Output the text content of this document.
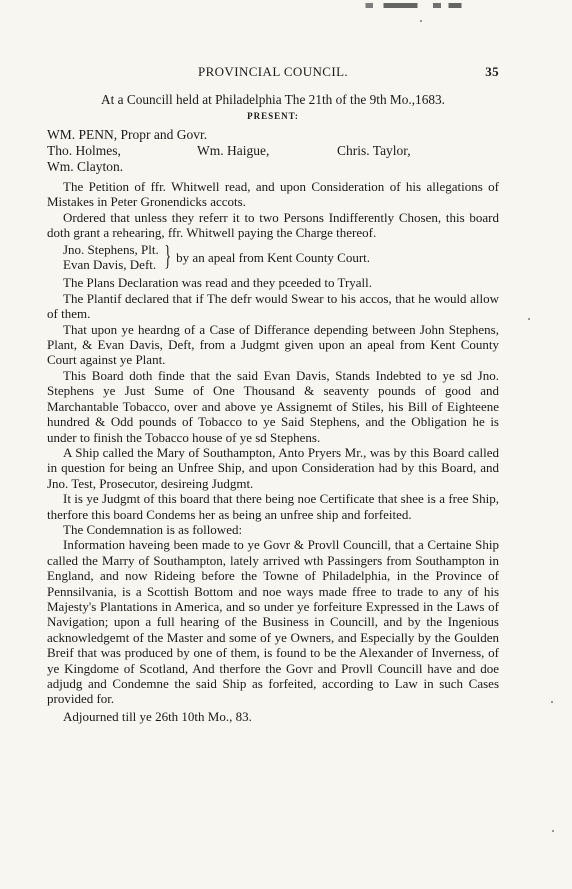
PROVINCIAL COUNCIL.	35

At a Councill held at Philadelphia The 21th of the 9th Mo.,1683.

PRESENT:

WM. PENN, Propr and Govr.
Tho. Holmes,	Wm. Haigue,	Chris. Taylor,
Wm. Clayton.

The Petition of ffr. Whitwell read, and upon Consideration of his allegations of Mistakes in Peter Gronendicks accots.

Ordered that unless they referr it to two Persons Indifferently Chosen, this board doth grant a rehearing, ffr. Whitwell paying the Charge thereof.

Jno. Stephens, Plt.
Evan Davis, Deft. } by an apeal from Kent County Court.

The Plans Declaration was read and they pceeded to Tryall.

The Plantif declared that if The defr would Swear to his accos, that he would allow of them.

That upon ye heardng of a Case of Differance depending between John Stephens, Plant, & Evan Davis, Deft, from a Judgmt given upon an apeal from Kent County Court against ye Plant.

This Board doth finde that the said Evan Davis, Stands Indebted to ye sd Jno. Stephens ye Just Sume of One Thousand & seaventy pounds of good and Marchantable Tobacco, over and above ye Assignemt of Stiles, his Bill of Eighteene hundred & Odd pounds of Tobacco to ye Said Stephens, and the Obligation he is under to finish the Tobacco house of ye sd Stephens.

A Ship called the Mary of Southampton, Anto Pryers Mr., was by this Board called in question for being an Unfree Ship, and upon Consideration had by this Board, and Jno. Test, Prosecutor, desireing Judgmt.

It is ye Judgmt of this board that there being noe Certificate that shee is a free Ship, therfore this board Condems her as being an unfree ship and forfeited.

The Condemnation is as followed:

Information haveing been made to ye Govr & Provll Councill, that a Certaine Ship called the Marry of Southampton, lately arrived wth Passingers from Southampton in England, and now Rideing before the Towne of Philadelphia, in the Province of Pennsilvania, is a Scottish Bottom and noe ways made ffree to trade to any of his Majesty's Plantations in America, and so under ye forfeiture Expressed in the Laws of Navigation; upon a full hearing of the Business in Councill, and by the Ingenious acknowledgemt of the Master and some of ye Owners, and Especially by the Goulden Breif that was produced by one of them, is found to be the Alexander of Inverness, of ye Kingdome of Scotland, And therfore the Govr and Provll Councill have and doe adjudg and Condemne the said Ship as forfeited, according to Law in such Cases provided for.

Adjourned till ye 26th 10th Mo., 83.
